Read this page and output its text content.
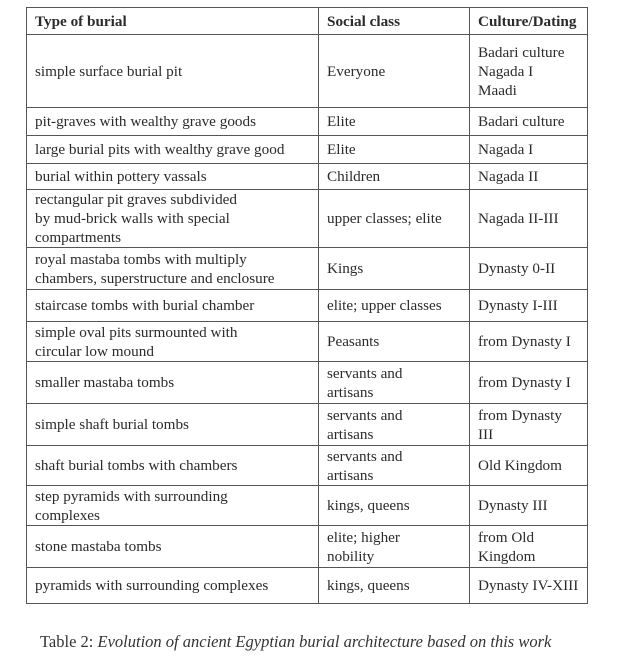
Type of burial	Social class	Culture/Dating

simple surface burial pit	Everyone	Badari culture
Nagada I
Maadi

pit-graves with wealthy grave goods	Elite	Badari culture

large burial pits with wealthy grave good	Elite	Nagada I

burial within pottery vassals	Children	Nagada II

rectangular pit graves subdivided
by mud-brick walls with special
compartments	upper classes; elite	Nagada II-III

royal mastaba tombs with multiply
chambers, superstructure and enclosure	Kings	Dynasty 0-II

staircase tombs with burial chamber	elite; upper classes	Dynasty I-III

simple oval pits surmounted with
circular low mound	Peasants	from Dynasty I

smaller mastaba tombs	servants and
artisans	from Dynasty I

simple shaft burial tombs	servants and
artisans	from Dynasty III

shaft burial tombs with chambers	servants and
artisans	Old Kingdom

step pyramids with surrounding
complexes	kings, queens	Dynasty III

stone mastaba tombs	elite; higher
nobility	from Old
Kingdom

pyramids with surrounding complexes	kings, queens	Dynasty IV-XIII
Table 2: Evolution of ancient Egyptian burial architecture based on this work
